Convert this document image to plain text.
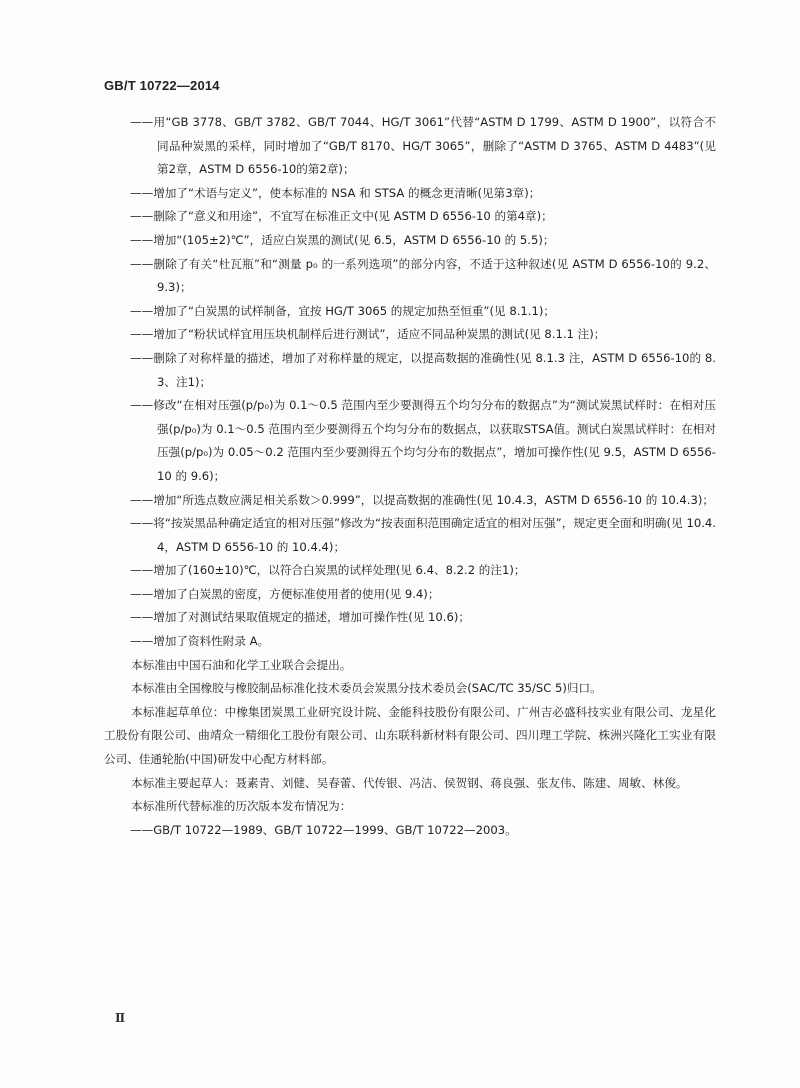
GB/T 10722—2014

——用“GB 3778、GB/T 3782、GB/T 7044、HG/T 3061”代替“ASTM D 1799、ASTM D 1900”，以符合不同品种炭黑的采样，同时增加了“GB/T 8170、HG/T 3065”，删除了“ASTM D 3765、ASTM D 4483”(见第2章，ASTM D 6556-10的第2章)；

——增加了“术语与定义”，使本标准的 NSA 和 STSA 的概念更清晰(见第3章)；

——删除了“意义和用途”，不宜写在标准正文中(见 ASTM D 6556-10 的第4章)；

——增加“(105±2)℃”，适应白炭黑的测试(见 6.5，ASTM D 6556-10 的 5.5)；

——删除了有关“杜瓦瓶”和“测量 p₀ 的一系列选项”的部分内容，不适于这种叙述(见 ASTM D 6556-10的 9.2、9.3)；

——增加了“白炭黑的试样制备，宜按 HG/T 3065 的规定加热至恒重”(见 8.1.1)；

——增加了“粉状试样宜用压块机制样后进行测试”，适应不同品种炭黑的测试(见 8.1.1 注)；

——删除了对称样量的描述，增加了对称样量的规定，以提高数据的准确性(见 8.1.3 注，ASTM D 6556-10的 8.3、注1)；

——修改“在相对压强(p/p₀)为 0.1～0.5 范围内至少要测得五个均匀分布的数据点”为“测试炭黑试样时：在相对压强(p/p₀)为 0.1～0.5 范围内至少要测得五个均匀分布的数据点，以获取STSA值。测试白炭黑试样时：在相对压强(p/p₀)为 0.05～0.2 范围内至少要测得五个均匀分布的数据点”，增加可操作性(见 9.5，ASTM D 6556-10 的 9.6)；

——增加“所选点数应满足相关系数＞0.999”，以提高数据的准确性(见 10.4.3，ASTM D 6556-10 的 10.4.3)；

——将“按炭黑品种确定适宜的相对压强”修改为“按表面积范围确定适宜的相对压强”，规定更全面和明确(见 10.4.4，ASTM D 6556-10 的 10.4.4)；

——增加了(160±10)℃，以符合白炭黑的试样处理(见 6.4、8.2.2 的注1)；

——增加了白炭黑的密度，方便标准使用者的使用(见 9.4)；

——增加了对测试结果取值规定的描述，增加可操作性(见 10.6)；

——增加了资料性附录 A。

本标准由中国石油和化学工业联合会提出。

本标准由全国橡胶与橡胶制品标准化技术委员会炭黑分技术委员会(SAC/TC 35/SC 5)归口。

本标准起草单位：中橡集团炭黑工业研究设计院、金能科技股份有限公司、广州吉必盛科技实业有限公司、龙星化工股份有限公司、曲靖众一精细化工股份有限公司、山东联科新材料有限公司、四川理工学院、株洲兴隆化工实业有限公司、佳通轮胎(中国)研发中心配方材料部。

本标准主要起草人：聂素青、刘健、吴春蕾、代传银、冯洁、侯贺钢、蒋良强、张友伟、陈建、周敏、林俊。

本标准所代替标准的历次版本发布情况为：

——GB/T 10722—1989、GB/T 10722—1999、GB/T 10722—2003。

Ⅱ
